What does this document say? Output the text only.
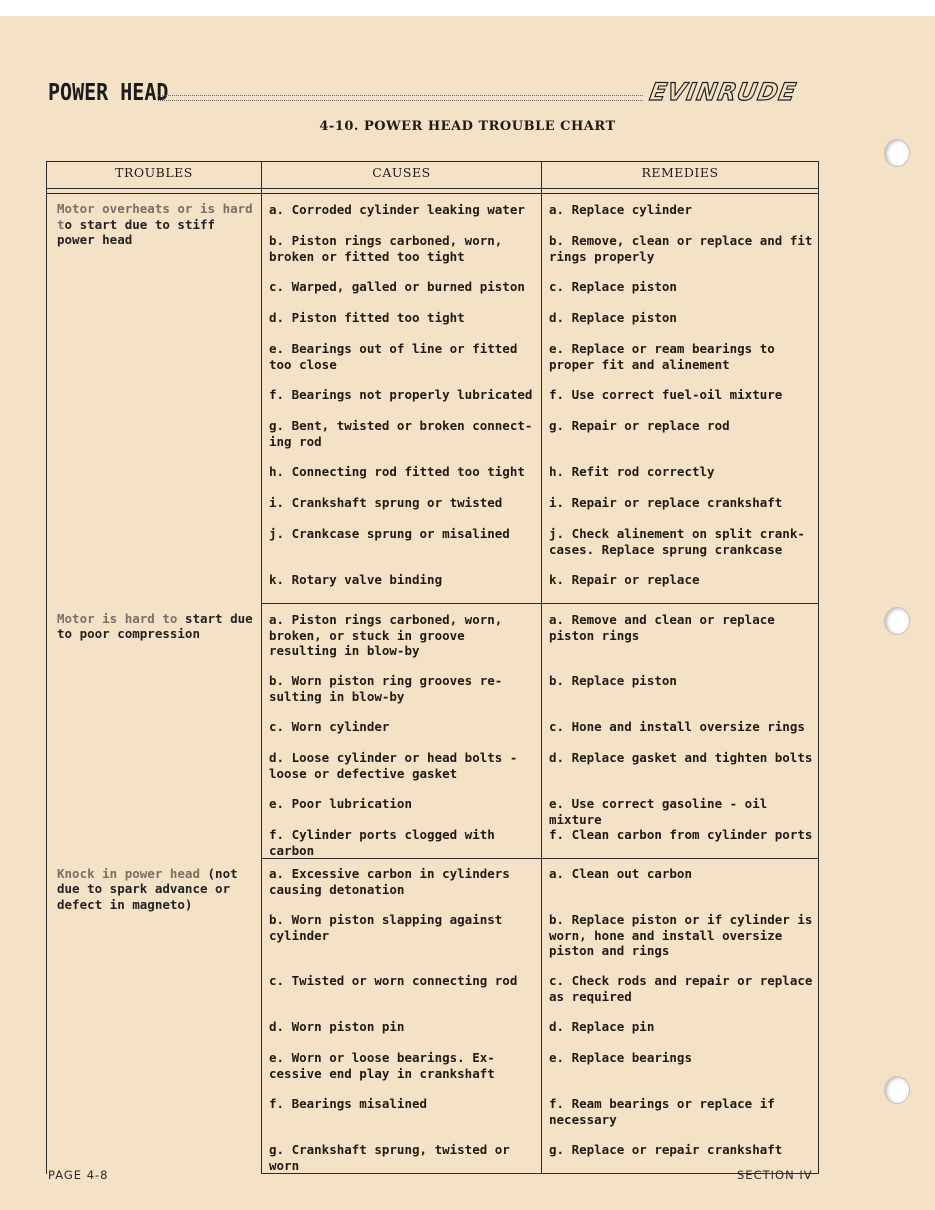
POWER HEAD	EVINRUDE
4-10. POWER HEAD TROUBLE CHART
TROUBLES	CAUSES	REMEDIES

Motor overheats or is hard to start due to stiff power head	a. Corroded cylinder leaking water	a. Replace cylinder
	b. Piston rings carboned, worn, broken or fitted too tight	b. Remove, clean or replace and fit rings properly
	c. Warped, galled or burned piston	c. Replace piston
	d. Piston fitted too tight	d. Replace piston
	e. Bearings out of line or fitted too close	e. Replace or ream bearings to proper fit and alinement
	f. Bearings not properly lubricated	f. Use correct fuel-oil mixture
	g. Bent, twisted or broken connect-ing rod	g. Repair or replace rod
	h. Connecting rod fitted too tight	h. Refit rod correctly
	i. Crankshaft sprung or twisted	i. Repair or replace crankshaft
	j. Crankcase sprung or misalined	j. Check alinement on split crank-cases. Replace sprung crankcase
	k. Rotary valve binding	k. Repair or replace
Motor is hard to start due to poor compression	a. Piston rings carboned, worn, broken, or stuck in groove resulting in blow-by	a. Remove and clean or replace piston rings
	b. Worn piston ring grooves re-sulting in blow-by	b. Replace piston
	c. Worn cylinder	c. Hone and install oversize rings
	d. Loose cylinder or head bolts - loose or defective gasket	d. Replace gasket and tighten bolts
	e. Poor lubrication	e. Use correct gasoline - oil mixture
	f. Cylinder ports clogged with carbon	f. Clean carbon from cylinder ports
Knock in power head (not due to spark advance or defect in magneto)	a. Excessive carbon in cylinders causing detonation	a. Clean out carbon
	b. Worn piston slapping against cylinder	b. Replace piston or if cylinder is worn, hone and install oversize piston and rings
	c. Twisted or worn connecting rod	c. Check rods and repair or replace as required
	d. Worn piston pin	d. Replace pin
	e. Worn or loose bearings. Ex-cessive end play in crankshaft	e. Replace bearings
	f. Bearings misalined	f. Ream bearings or replace if necessary
	g. Crankshaft sprung, twisted or worn	g. Replace or repair crankshaft
PAGE 4-8	SECTION IV
